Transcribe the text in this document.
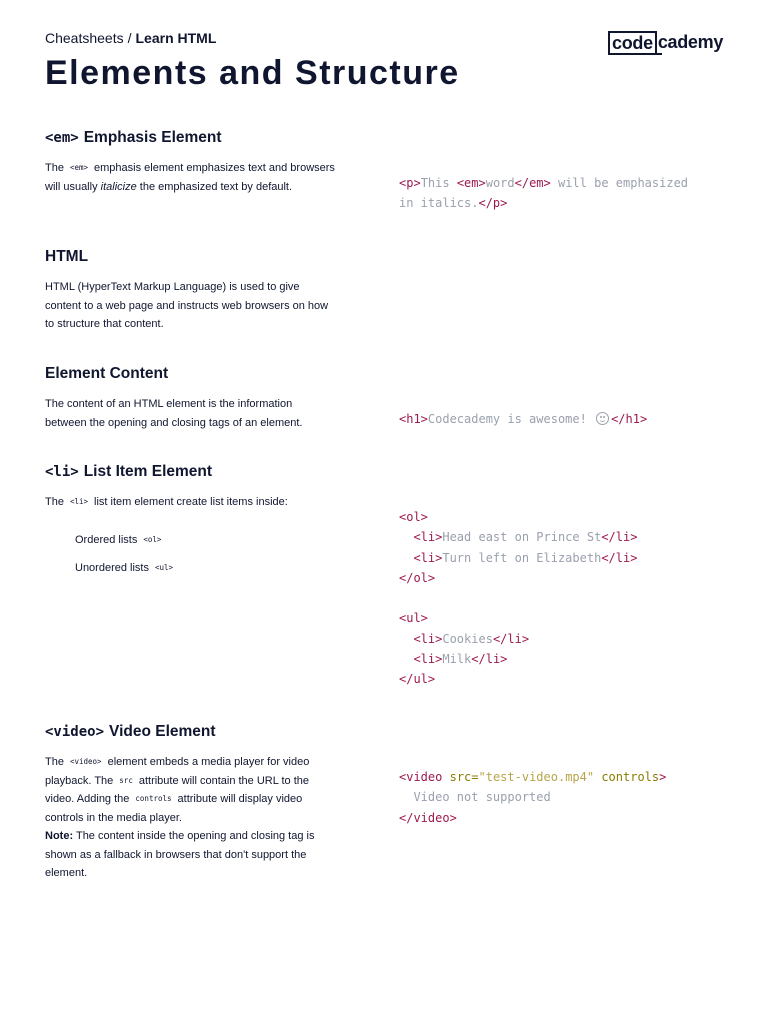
Cheatsheets / Learn HTML	code cademy
Elements and Structure
<em> Emphasis Element

The <em> emphasis element emphasizes text and browsers will usually italicize the emphasized text by default.

HTML

HTML (HyperText Markup Language) is used to give content to a web page and instructs web browsers on how to structure that content.

Element Content

The content of an HTML element is the information between the opening and closing tags of an element.

<li> List Item Element

The <li> list item element create list items inside:

Ordered lists <ol>
Unordered lists <ul>
<video> Video Element

The <video> element embeds a media player for video playback. The src attribute will contain the URL to the video. Adding the controls attribute will display video controls in the media player.
Note: The content inside the opening and closing tag is shown as a fallback in browsers that don't support the element.

<p>This <em>word</em> will be emphasized
in italics.</p>
<h1>Codecademy is awesome!
</h1>
<ol>
<li>Head east on Prince St</li>
<li>Turn left on Elizabeth</li>
</ol>

<ul>
<li>Cookies</li>
<li>Milk</li>
</ul>
<video src="test-video.mp4" controls>
Video not supported
</video>
